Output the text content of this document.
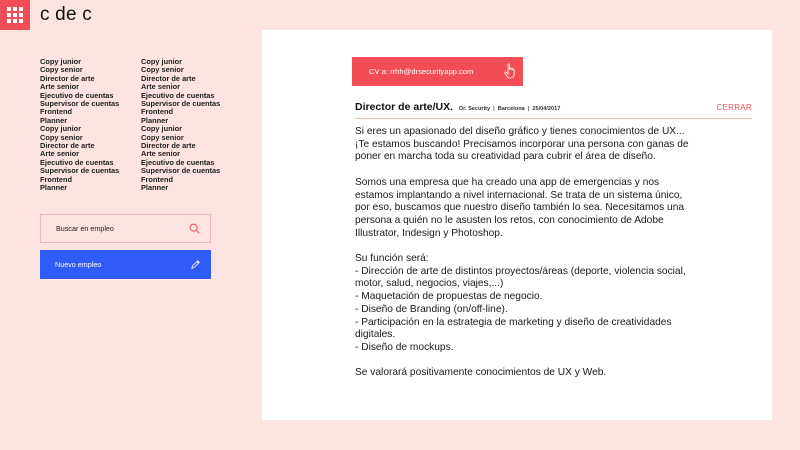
c de c
Copy junior
Copy senior
Director de arte
Arte senior
Ejecutivo de cuentas
Supervisor de cuentas
Frontend
Planner
Copy junior
Copy senior
Director de arte
Arte senior
Ejecutivo de cuentas
Supervisor de cuentas
Frontend
Planner
Copy junior
Copy senior
Director de arte
Arte senior
Ejecutivo de cuentas
Supervisor de cuentas
Frontend
Planner
Copy junior
Copy senior
Director de arte
Arte senior
Ejecutivo de cuentas
Supervisor de cuentas
Frontend
Planner
Buscar en empleo
Nuevo empleo
CV a: rrhh@drsecurityapp.com
Director de arte/UX. Dr. Security | Barcelona | 25/04/2017	CERRAR

Si eres un apasionado del diseño gráfico y tienes conocimientos de UX... ¡Te estamos buscando! Precisamos incorporar una persona con ganas de poner en marcha toda su creatividad para cubrir el área de diseño.

Somos una empresa que ha creado una app de emergencias y nos estamos implantando a nivel internacional. Se trata de un sistema único, por eso, buscamos que nuestro diseño también lo sea. Necesitamos una persona a quién no le asusten los retos, con conocimiento de Adobe Illustrator, Indesign y Photoshop.

Su función será:
- Dirección de arte de distintos proyectos/áreas (deporte, violencia social, motor, salud, negocios, viajes,...)
- Maquetación de propuestas de negocio.
- Diseño de Branding (on/off-line).
- Participación en la estrategia de marketing y diseño de creatividades digitales.
- Diseño de mockups.

Se valorará positivamente conocimientos de UX y Web.
